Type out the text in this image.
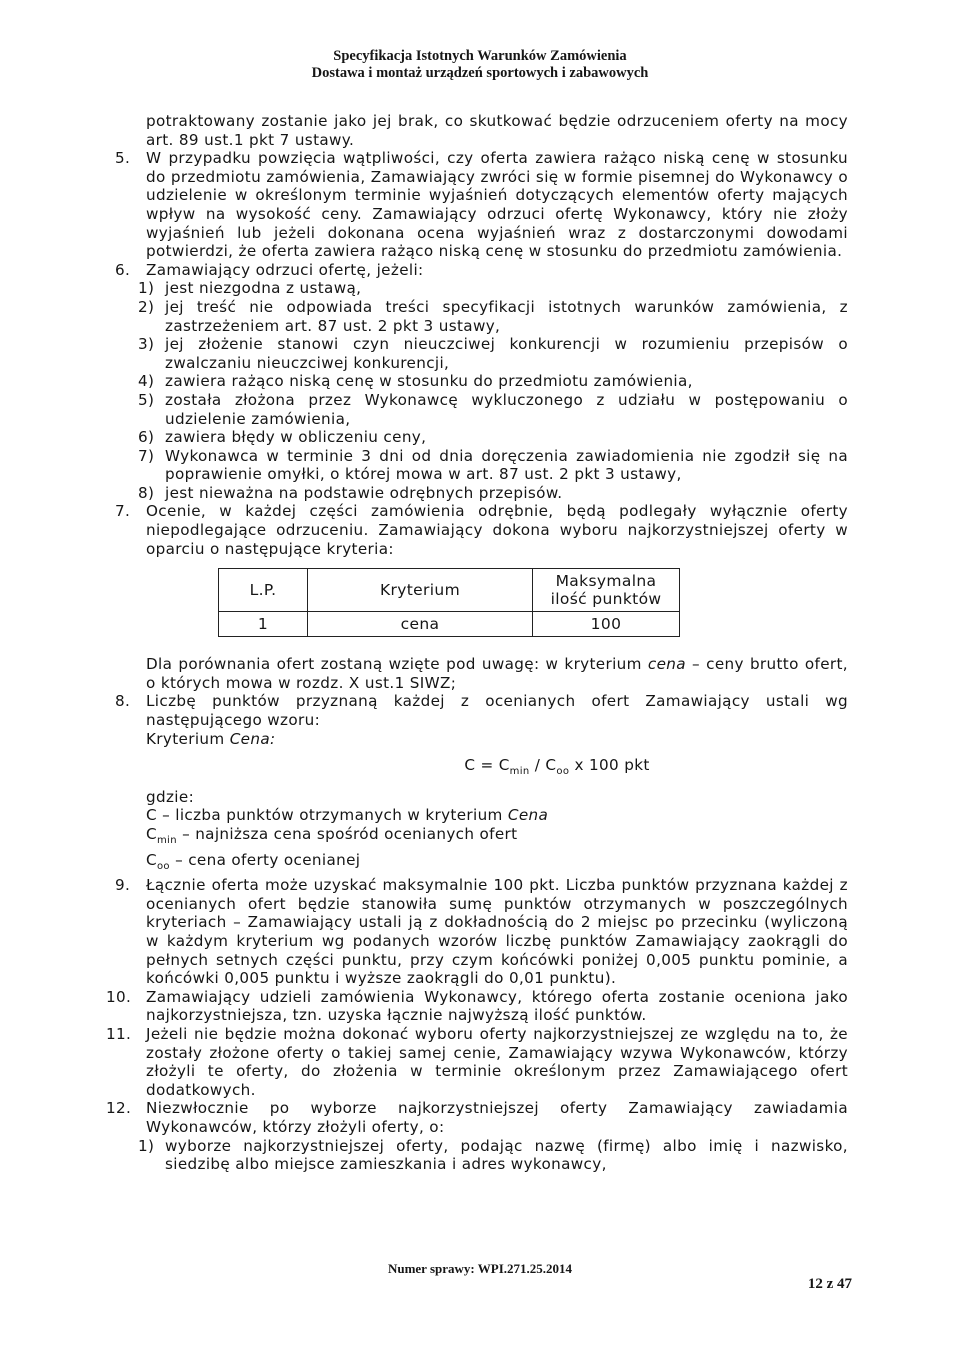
Specyfikacja Istotnych Warunków Zamówienia
Dostawa i montaż urządzeń sportowych i zabawowych

potraktowany zostanie jako jej brak, co skutkować będzie odrzuceniem oferty na mocy art. 89 ust.1 pkt 7 ustawy.

5. W przypadku powzięcia wątpliwości, czy oferta zawiera rażąco niską cenę w stosunku do przedmiotu zamówienia, Zamawiający zwróci się w formie pisemnej do Wykonawcy o udzielenie w określonym terminie wyjaśnień dotyczących elementów oferty mających wpływ na wysokość ceny. Zamawiający odrzuci ofertę Wykonawcy, który nie złoży wyjaśnień lub jeżeli dokonana ocena wyjaśnień wraz z dostarczonymi dowodami potwierdzi, że oferta zawiera rażąco niską cenę w stosunku do przedmiotu zamówienia.

6. Zamawiający odrzuci ofertę, jeżeli:

1) jest niezgodna z ustawą,

2) jej treść nie odpowiada treści specyfikacji istotnych warunków zamówienia, z zastrzeżeniem art. 87 ust. 2 pkt 3 ustawy,

3) jej złożenie stanowi czyn nieuczciwej konkurencji w rozumieniu przepisów o zwalczaniu nieuczciwej konkurencji,

4) zawiera rażąco niską cenę w stosunku do przedmiotu zamówienia,

5) została złożona przez Wykonawcę wykluczonego z udziału w postępowaniu o udzielenie zamówienia,

6) zawiera błędy w obliczeniu ceny,

7) Wykonawca w terminie 3 dni od dnia doręczenia zawiadomienia nie zgodził się na poprawienie omyłki, o której mowa w art. 87 ust. 2 pkt 3 ustawy,

8) jest nieważna na podstawie odrębnych przepisów.

7. Ocenie, w każdej części zamówienia odrębnie, będą podlegały wyłącznie oferty niepodlegające odrzuceniu. Zamawiający dokona wyboru najkorzystniejszej oferty w oparciu o następujące kryteria:

L.P.	Kryterium	Maksymalna ilość punktów
1	cena	100

Dla porównania ofert zostaną wzięte pod uwagę: w kryterium cena – ceny brutto ofert, o których mowa w rozdz. X ust.1 SIWZ;

8. Liczbę punktów przyznaną każdej z ocenianych ofert Zamawiający ustali wg następującego wzoru:

Kryterium Cena:

$C = C_{min} / C_{oo}$ x 100 pkt

gdzie:

C – liczba punktów otrzymanych w kryterium Cena

$C_{min}$ – najniższa cena spośród ocenianych ofert

$C_{oo}$ – cena oferty ocenianej

9. Łącznie oferta może uzyskać maksymalnie 100 pkt. Liczba punktów przyznana każdej z ocenianych ofert będzie stanowiła sumę punktów otrzymanych w poszczególnych kryteriach – Zamawiający ustali ją z dokładnością do 2 miejsc po przecinku (wyliczoną w każdym kryterium wg podanych wzorów liczbę punktów Zamawiający zaokrągli do pełnych setnych części punktu, przy czym końcówki poniżej 0,005 punktu pominie, a końcówki 0,005 punktu i wyższe zaokrągli do 0,01 punktu).

10. Zamawiający udzieli zamówienia Wykonawcy, którego oferta zostanie oceniona jako najkorzystniejsza, tzn. uzyska łącznie najwyższą ilość punktów.

11. Jeżeli nie będzie można dokonać wyboru oferty najkorzystniejszej ze względu na to, że zostały złożone oferty o takiej samej cenie, Zamawiający wzywa Wykonawców, którzy złożyli te oferty, do złożenia w terminie określonym przez Zamawiającego ofert dodatkowych.

12. Niezwłocznie po wyborze najkorzystniejszej oferty Zamawiający zawiadamia Wykonawców, którzy złożyli oferty, o:

1) wyborze najkorzystniejszej oferty, podając nazwę (firmę) albo imię i nazwisko, siedzibę albo miejsce zamieszkania i adres wykonawcy,

Numer sprawy: WPI.271.25.2014
12 z 47
